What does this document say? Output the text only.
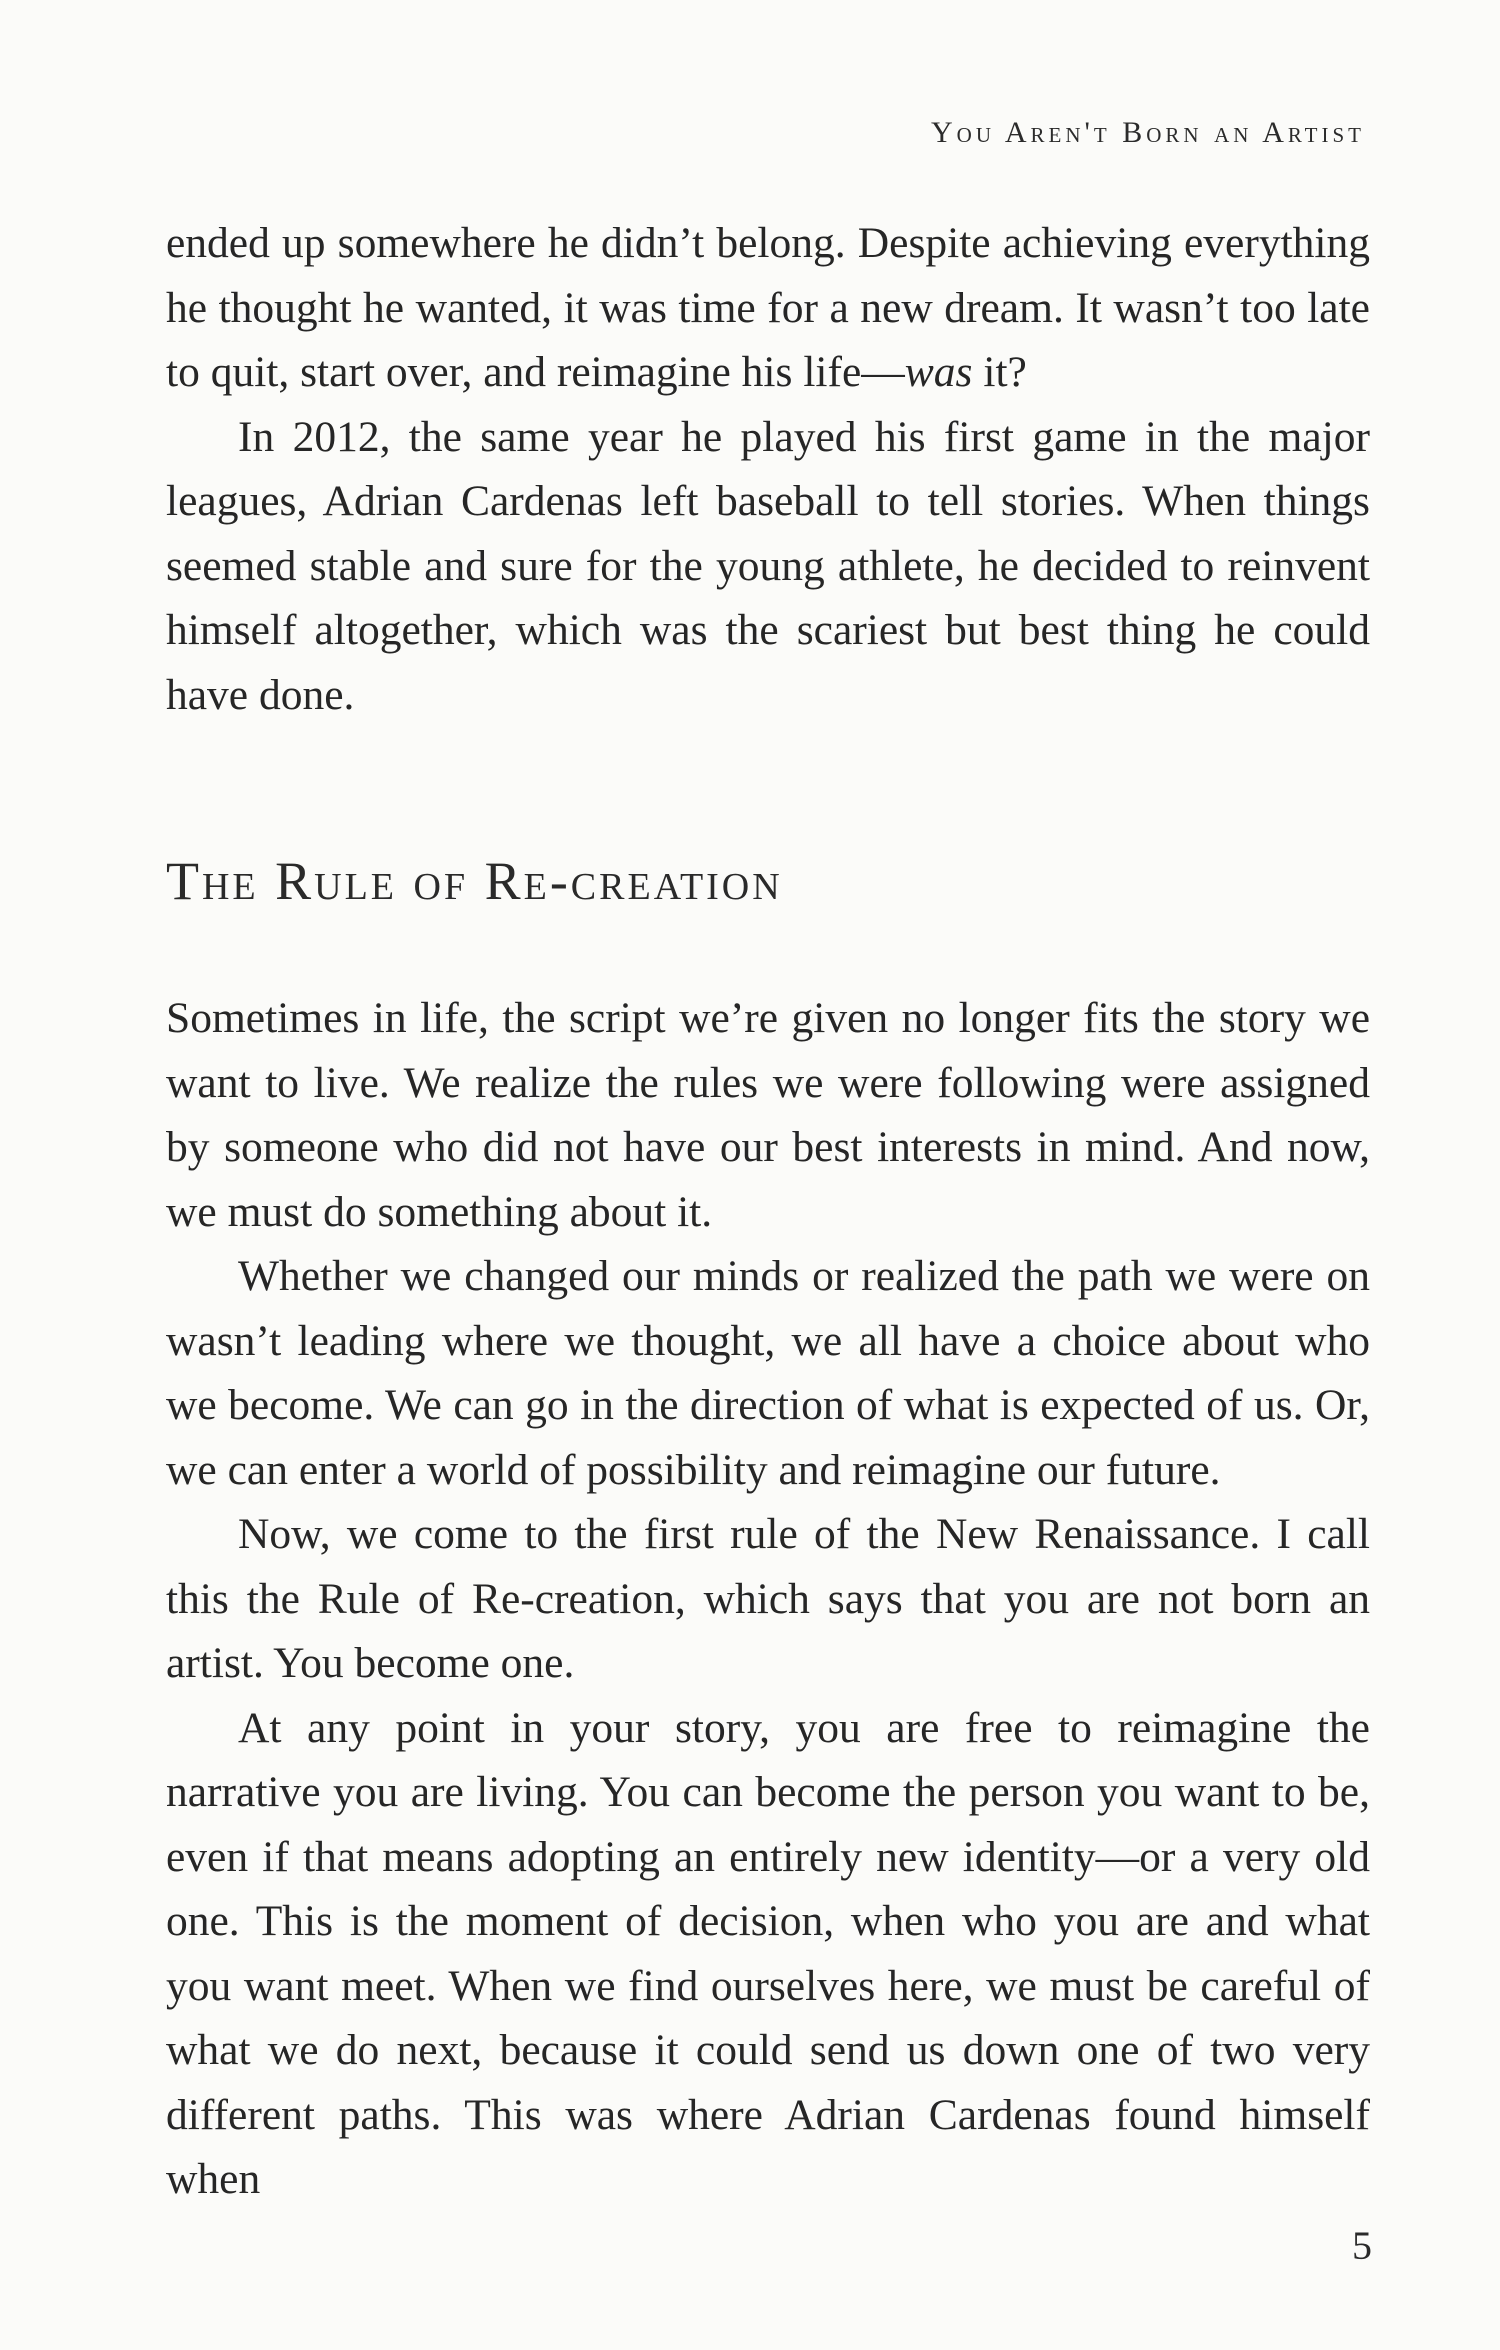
You Aren't Born an Artist

ended up somewhere he didn’t belong. Despite achieving everything he thought he wanted, it was time for a new dream. It wasn’t too late to quit, start over, and reimagine his life—was it?

In 2012, the same year he played his first game in the major leagues, Adrian Cardenas left baseball to tell stories. When things seemed stable and sure for the young athlete, he decided to reinvent himself altogether, which was the scariest but best thing he could have done.

The Rule of Re-creation

Sometimes in life, the script we’re given no longer fits the story we want to live. We realize the rules we were following were assigned by someone who did not have our best interests in mind. And now, we must do something about it.

Whether we changed our minds or realized the path we were on wasn’t leading where we thought, we all have a choice about who we become. We can go in the direction of what is expected of us. Or, we can enter a world of possibility and reimagine our future.

Now, we come to the first rule of the New Renaissance. I call this the Rule of Re-creation, which says that you are not born an artist. You become one.

At any point in your story, you are free to reimagine the narrative you are living. You can become the person you want to be, even if that means adopting an entirely new identity—or a very old one. This is the moment of decision, when who you are and what you want meet. When we find ourselves here, we must be careful of what we do next, because it could send us down one of two very different paths. This was where Adrian Cardenas found himself when

5
